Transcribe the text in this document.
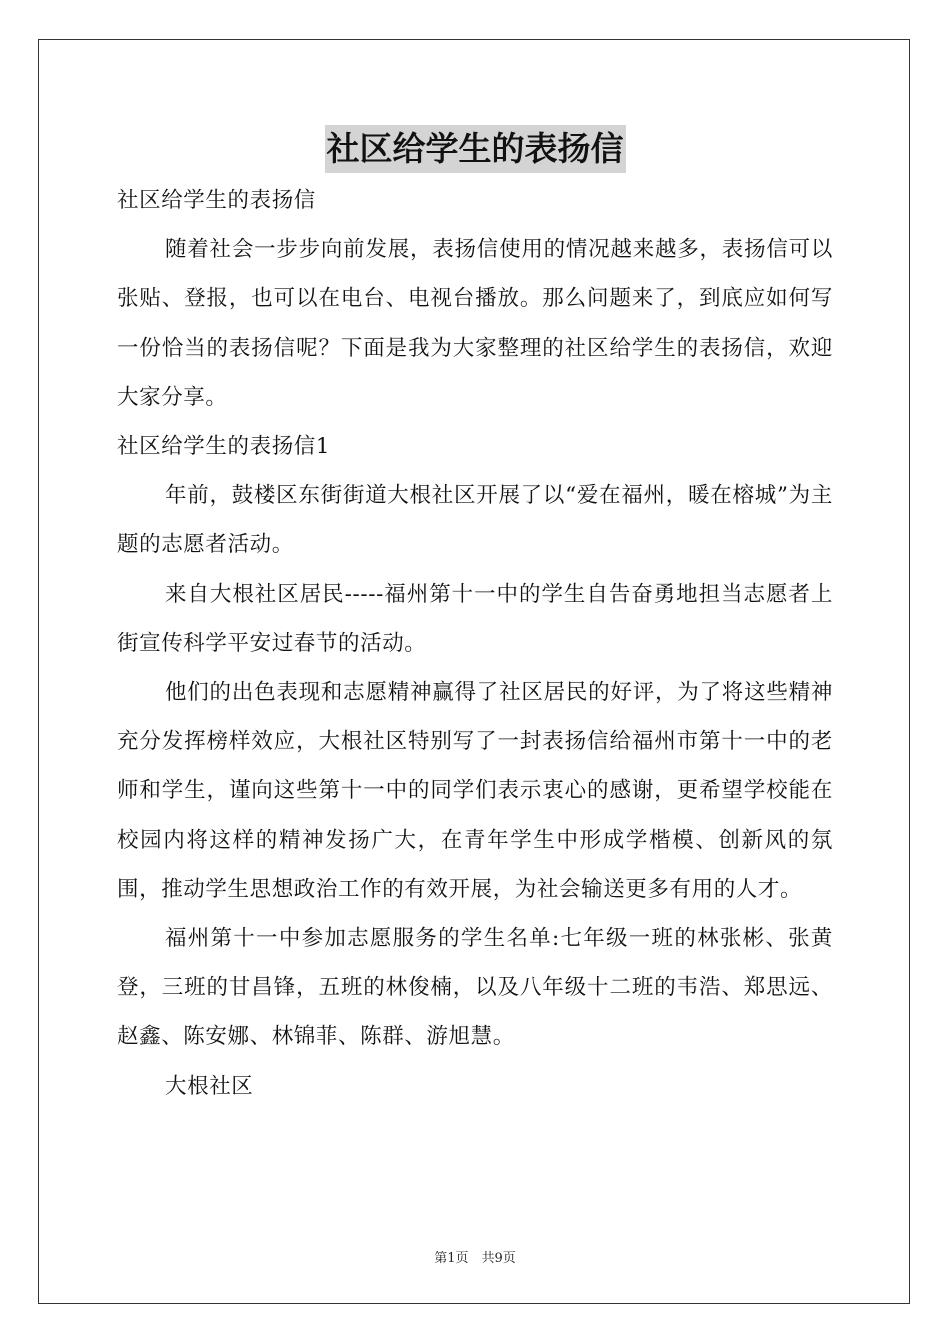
社区给学生的表扬信

社区给学生的表扬信

随着社会一步步向前发展，表扬信使用的情况越来越多，表扬信可以张贴、登报，也可以在电台、电视台播放。那么问题来了，到底应如何写一份恰当的表扬信呢？下面是我为大家整理的社区给学生的表扬信，欢迎大家分享。

社区给学生的表扬信1

年前，鼓楼区东街街道大根社区开展了以“爱在福州，暖在榕城”为主题的志愿者活动。

来自大根社区居民-----福州第十一中的学生自告奋勇地担当志愿者上街宣传科学平安过春节的活动。

他们的出色表现和志愿精神赢得了社区居民的好评，为了将这些精神充分发挥榜样效应，大根社区特别写了一封表扬信给福州市第十一中的老师和学生，谨向这些第十一中的同学们表示衷心的感谢，更希望学校能在校园内将这样的精神发扬广大，在青年学生中形成学楷模、创新风的氛围，推动学生思想政治工作的有效开展，为社会输送更多有用的人才。

福州第十一中参加志愿服务的学生名单:七年级一班的林张彬、张黄登，三班的甘昌锋，五班的林俊楠，以及八年级十二班的韦浩、郑思远、赵鑫、陈安娜、林锦菲、陈群、游旭慧。

大根社区

第1页　共9页
